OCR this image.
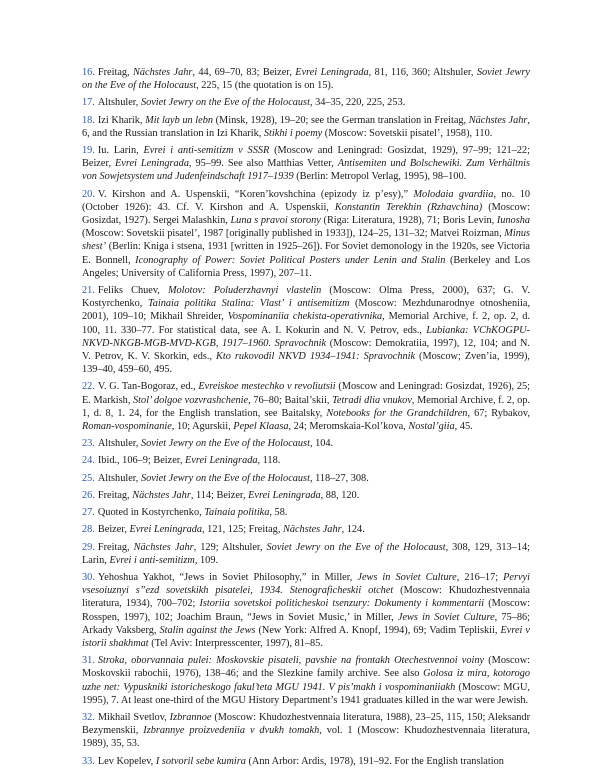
16. Freitag, Nächstes Jahr, 44, 69–70, 83; Beizer, Evrei Leningrada, 81, 116, 360; Altshuler, Soviet Jewry on the Eve of the Holocaust, 225, 15 (the quotation is on 15).

17. Altshuler, Soviet Jewry on the Eve of the Holocaust, 34–35, 220, 225, 253.

18. Izi Kharik, Mit layb un lebn (Minsk, 1928), 19–20; see the German translation in Freitag, Nächstes Jahr, 6, and the Russian translation in Izi Kharik, Stikhi i poemy (Moscow: Sovetskii pisatel’, 1958), 110.

19. Iu. Larin, Evrei i anti-semitizm v SSSR (Moscow and Leningrad: Gosizdat, 1929), 97–99; 121–22; Beizer, Evrei Leningrada, 95–99. See also Matthias Vetter, Antisemiten und Bolschewiki. Zum Verhältnis von Sowjetsystem und Judenfeindschaft 1917–1939 (Berlin: Metropol Verlag, 1995), 98–100.

20. V. Kirshon and A. Uspenskii, “Koren’kovshchina (epizody iz p’esy),” Molodaia gvardiia, no. 10 (October 1926): 43. Cf. V. Kirshon and A. Uspenskii, Konstantin Terekhin (Rzhavchina) (Moscow: Gosizdat, 1927). Sergei Malashkin, Luna s pravoi storony (Riga: Literatura, 1928), 71; Boris Levin, Iunosha (Moscow: Sovetskii pisatel’, 1987 [originally published in 1933]), 124–25, 131–32; Matvei Roizman, Minus shest’ (Berlin: Kniga i stsena, 1931 [written in 1925–26]). For Soviet demonology in the 1920s, see Victoria E. Bonnell, Iconography of Power: Soviet Political Posters under Lenin and Stalin (Berkeley and Los Angeles; University of California Press, 1997), 207–11.

21. Feliks Chuev, Molotov: Poluderzhavnyi vlastelin (Moscow: Olma Press, 2000), 637; G. V. Kostyrchenko, Tainaia politika Stalina: Vlast’ i antisemitizm (Moscow: Mezhdunarodnye otnosheniia, 2001), 109–10; Mikhail Shreider, Vospominaniia chekista-operativnika, Memorial Archive, f. 2, op. 2, d. 100, 11. 330–77. For statistical data, see A. I. Kokurin and N. V. Petrov, eds., Lubianka: VChKOGPU-NKVD-NKGB-MGB-MVD-KGB, 1917–1960. Spravochnik (Moscow: Demokratiia, 1997), 12, 104; and N. V. Petrov, K. V. Skorkin, eds., Kto rukovodil NKVD 1934–1941: Spravochnik (Moscow; Zven’ia, 1999), 139–40, 459–60, 495.

22. V. G. Tan-Bogoraz, ed., Evreiskoe mestechko v revoliutsii (Moscow and Leningrad: Gosizdat, 1926), 25; E. Markish, Stol’ dolgoe vozvrashchenie, 76–80; Baital’skii, Tetradi dlia vnukov, Memorial Archive, f. 2, op. 1, d. 8, 1. 24, for the English translation, see Baitalsky, Notebooks for the Grandchildren, 67; Rybakov, Roman-vospominanie, 10; Agurskii, Pepel Klaasa, 24; Meromskaia-Kol’kova, Nostal’giia, 45.

23. Altshuler, Soviet Jewry on the Eve of the Holocaust, 104.

24. Ibid., 106–9; Beizer, Evrei Leningrada, 118.

25. Altshuler, Soviet Jewry on the Eve of the Holocaust, 118–27, 308.

26. Freitag, Nächstes Jahr, 114; Beizer, Evrei Leningrada, 88, 120.

27. Quoted in Kostyrchenko, Tainaia politika, 58.

28. Beizer, Evrei Leningrada, 121, 125; Freitag, Nächstes Jahr, 124.

29. Freitag, Nächstes Jahr, 129; Altshuler, Soviet Jewry on the Eve of the Holocaust, 308, 129, 313–14; Larin, Evrei i anti-semitizm, 109.

30. Yehoshua Yakhot, “Jews in Soviet Philosophy,” in Miller, Jews in Soviet Culture, 216–17; Pervyi vsesoiuznyi s”ezd sovetskikh pisatelei, 1934. Stenograficheskii otchet (Moscow: Khudozhestvennaia literatura, 1934), 700–702; Istoriia sovetskoi politicheskoi tsenzury: Dokumenty i kommentarii (Moscow: Rosspen, 1997), 102; Joachim Braun, “Jews in Soviet Music,’ in Miller, Jews in Soviet Culture, 75–86; Arkady Vaksberg, Stalin against the Jews (New York: Alfred A. Knopf, 1994), 69; Vadim Tepliskii, Evrei v istorii shakhmat (Tel Aviv: Interpresscenter, 1997), 81–85.

31. Stroka, oborvannaia pulei: Moskovskie pisateli, pavshie na frontakh Otechestvennoi voiny (Moscow: Moskovskii rabochii, 1976), 138–46; and the Slezkine family archive. See also Golosa iz mira, kotorogo uzhe net: Vypuskniki istoricheskogo fakul’teta MGU 1941. V pis’makh i vospominaniiakh (Moscow: MGU, 1995), 7. At least one-third of the MGU History Department’s 1941 graduates killed in the war were Jewish.

32. Mikhail Svetlov, Izbrannoe (Moscow: Khudozhestvennaia literatura, 1988), 23–25, 115, 150; Aleksandr Bezymenskii, Izbrannye proizvedeniia v dvukh tomakh, vol. 1 (Moscow: Khudozhestvennaia literatura, 1989), 35, 53.

33. Lev Kopelev, I sotvoril sebe kumira (Ann Arbor: Ardis, 1978), 191–92. For the English translation
